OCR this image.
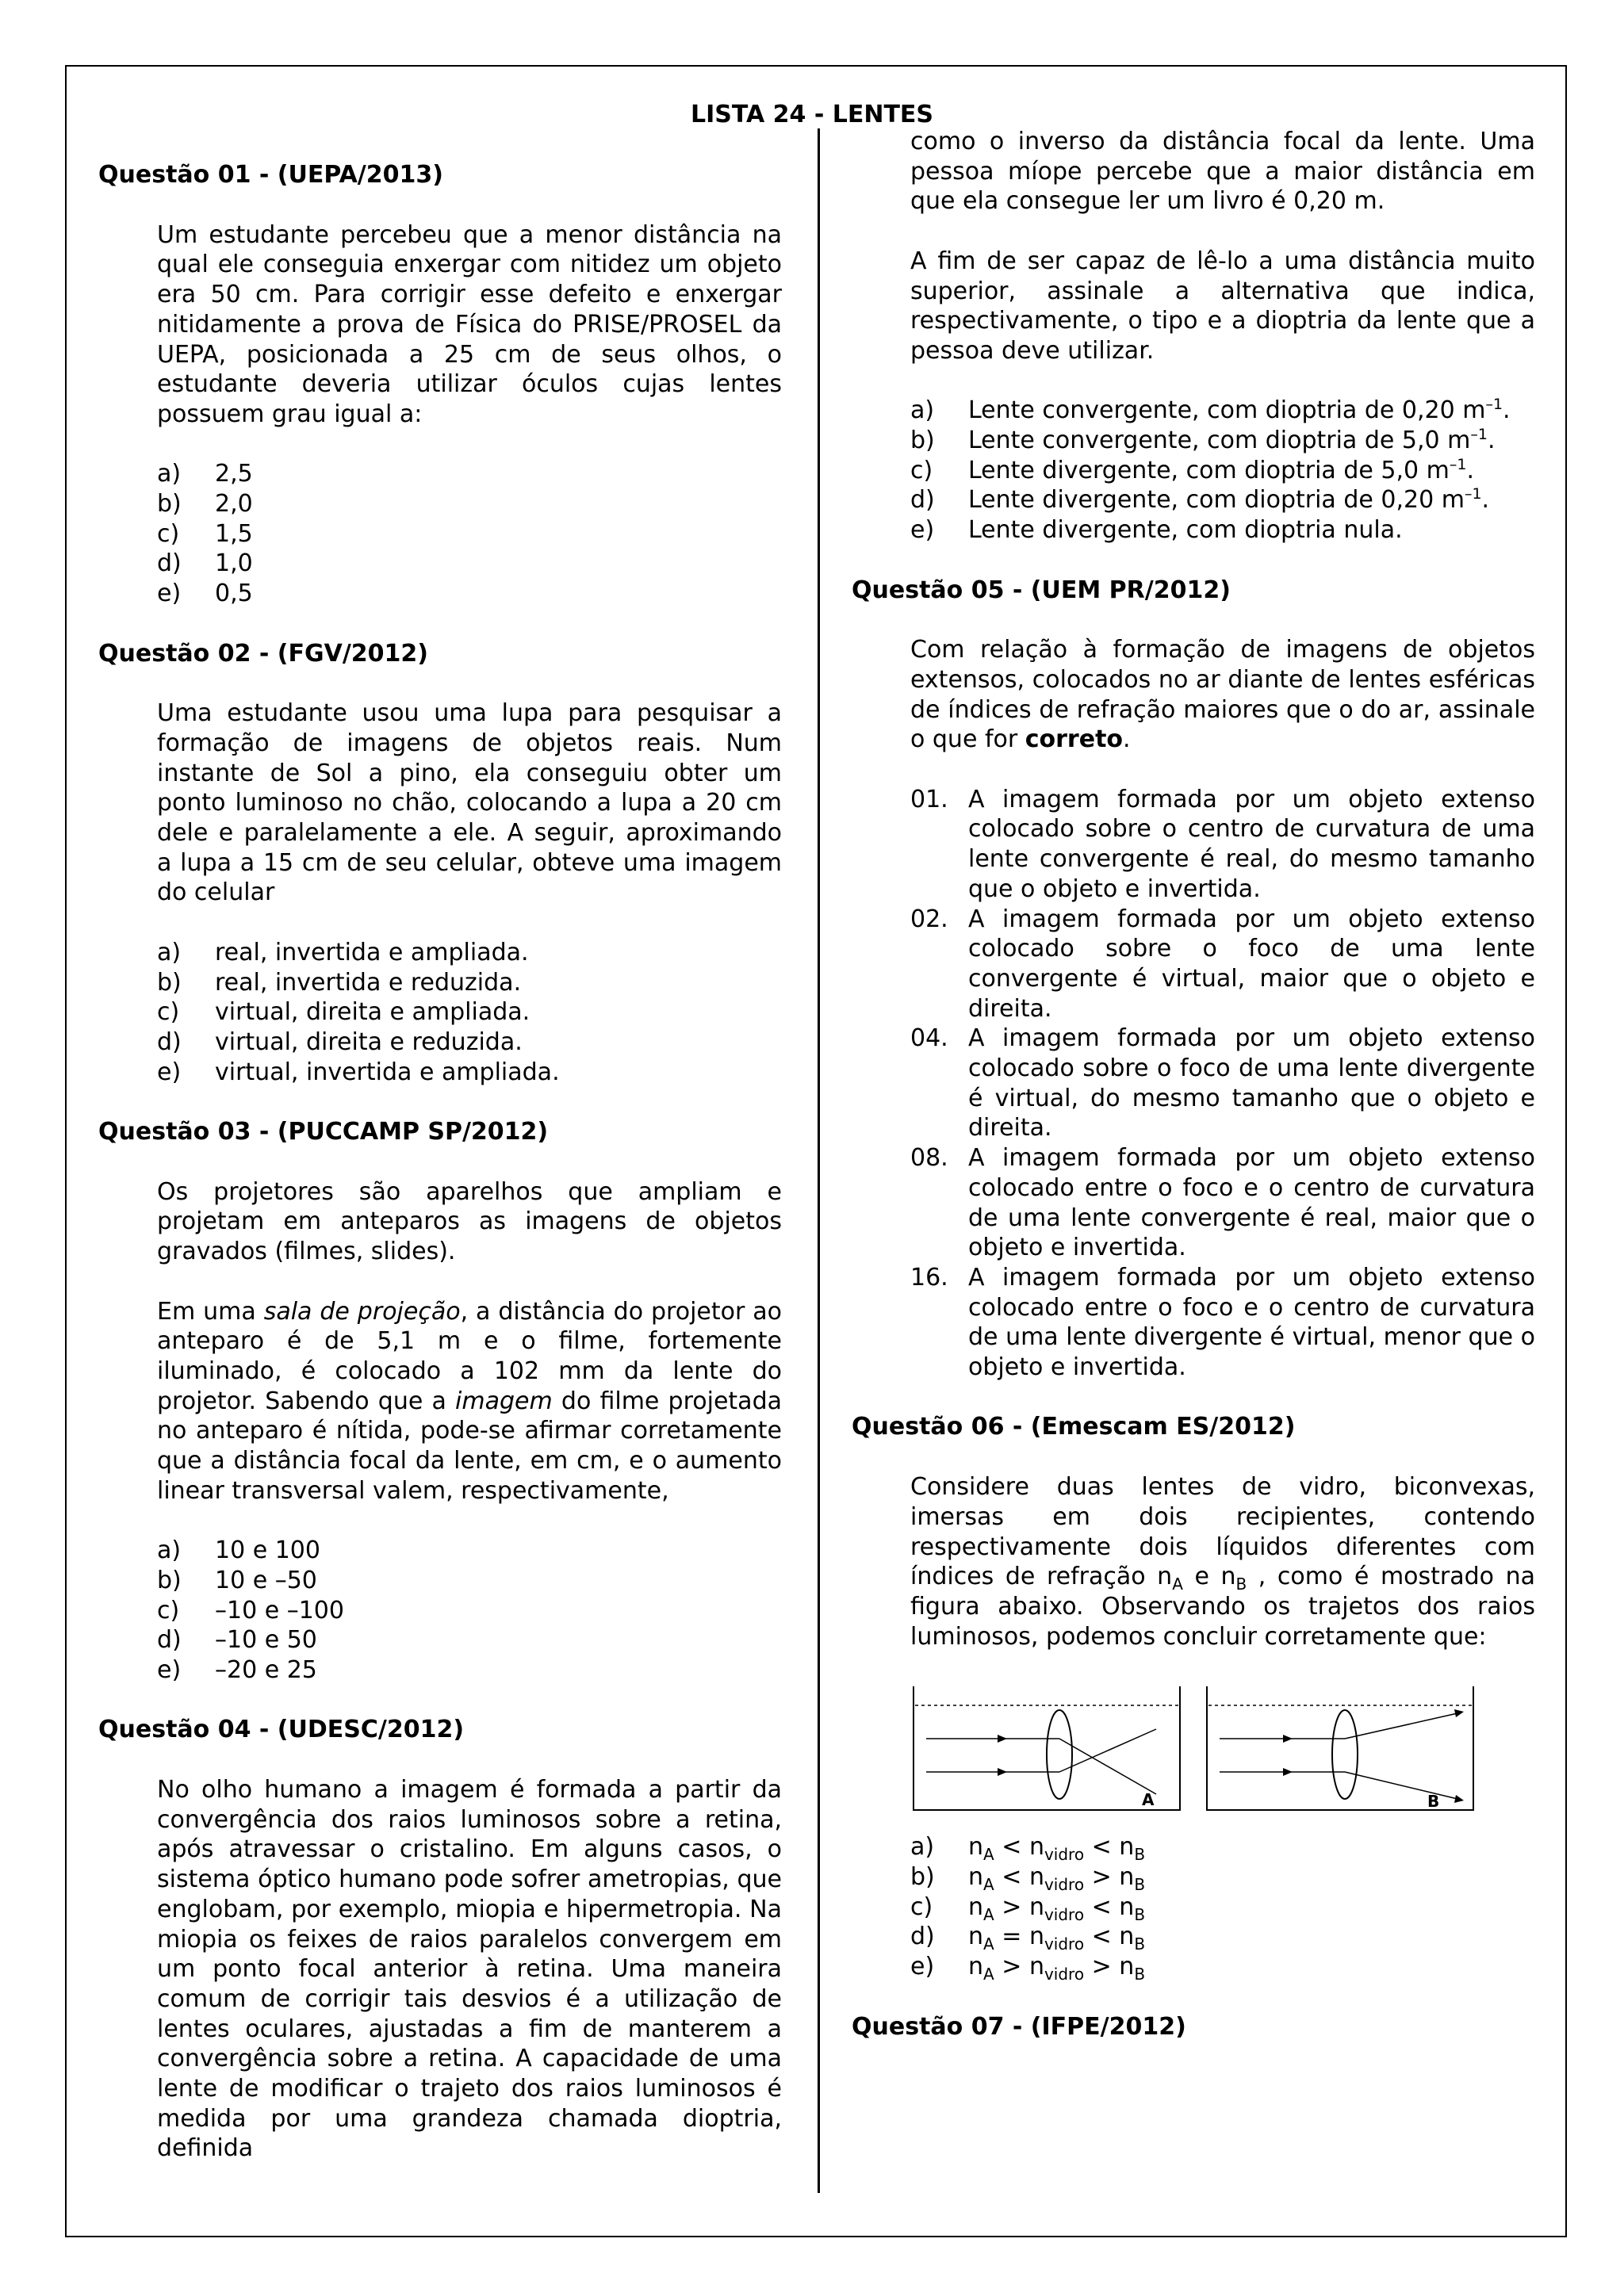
LISTA 24 - LENTES

Questão 01 - (UEPA/2013)

Um estudante percebeu que a menor distância na qual ele conseguia enxergar com nitidez um objeto era 50 cm. Para corrigir esse defeito e enxergar nitidamente a prova de Física do PRISE/PROSEL da UEPA, posicionada a 25 cm de seus olhos, o estudante deveria utilizar óculos cujas lentes possuem grau igual a:

a)	2,5
b)	2,0
c)	1,5
d)	1,0
e)	0,5

Questão 02 - (FGV/2012)

Uma estudante usou uma lupa para pesquisar a formação de imagens de objetos reais. Num instante de Sol a pino, ela conseguiu obter um ponto luminoso no chão, colocando a lupa a 20 cm dele e paralelamente a ele. A seguir, aproximando a lupa a 15 cm de seu celular, obteve uma imagem do celular

a)	real, invertida e ampliada.
b)	real, invertida e reduzida.
c)	virtual, direita e ampliada.
d)	virtual, direita e reduzida.
e)	virtual, invertida e ampliada.

Questão 03 - (PUCCAMP SP/2012)

Os projetores são aparelhos que ampliam e projetam em anteparos as imagens de objetos gravados (filmes, slides).

Em uma sala de projeção, a distância do projetor ao anteparo é de 5,1 m e o filme, fortemente iluminado, é colocado a 102 mm da lente do projetor. Sabendo que a imagem do filme projetada no anteparo é nítida, pode-se afirmar corretamente que a distância focal da lente, em cm, e o aumento linear transversal valem, respectivamente,

a)	10 e 100
b)	10 e –50
c)	–10 e –100
d)	–10 e 50
e)	–20 e 25

Questão 04 - (UDESC/2012)

No olho humano a imagem é formada a partir da convergência dos raios luminosos sobre a retina, após atravessar o cristalino. Em alguns casos, o sistema óptico humano pode sofrer ametropias, que englobam, por exemplo, miopia e hipermetropia. Na miopia os feixes de raios paralelos convergem em um ponto focal anterior à retina. Uma maneira comum de corrigir tais desvios é a utilização de lentes oculares, ajustadas a fim de manterem a convergência sobre a retina. A capacidade de uma lente de modificar o trajeto dos raios luminosos é medida por uma grandeza chamada dioptria, definida

como o inverso da distância focal da lente. Uma pessoa míope percebe que a maior distância em que ela consegue ler um livro é 0,20 m.

A fim de ser capaz de lê-lo a uma distância muito superior, assinale a alternativa que indica, respectivamente, o tipo e a dioptria da lente que a pessoa deve utilizar.

a)	Lente convergente, com dioptria de 0,20 $m^{-1}$.
b)	Lente convergente, com dioptria de 5,0 $m^{-1}$.
c)	Lente divergente, com dioptria de 5,0 $m^{-1}$.
d)	Lente divergente, com dioptria de 0,20 $m^{-1}$.
e)	Lente divergente, com dioptria nula.

Questão 05 - (UEM PR/2012)

Com relação à formação de imagens de objetos extensos, colocados no ar diante de lentes esféricas de índices de refração maiores que o do ar, assinale o que for correto.

01. A imagem formada por um objeto extenso colocado sobre o centro de curvatura de uma lente convergente é real, do mesmo tamanho que o objeto e invertida.
02. A imagem formada por um objeto extenso colocado sobre o foco de uma lente convergente é virtual, maior que o objeto e direita.
04. A imagem formada por um objeto extenso colocado sobre o foco de uma lente divergente é virtual, do mesmo tamanho que o objeto e direita.
08. A imagem formada por um objeto extenso colocado entre o foco e o centro de curvatura de uma lente convergente é real, maior que o objeto e invertida.
16. A imagem formada por um objeto extenso colocado entre o foco e o centro de curvatura de uma lente divergente é virtual, menor que o objeto e invertida.

Questão 06 - (Emescam ES/2012)

Considere duas lentes de vidro, biconvexas, imersas em dois recipientes, contendo respectivamente dois líquidos diferentes com índices de refração $n_A$ e $n_B$ , como é mostrado na figura abaixo. Observando os trajetos dos raios luminosos, podemos concluir corretamente que:

A	B
a)	$n_A < n_{vidro} < n_B$
b)	$n_A < n_{vidro} > n_B$
c)	$n_A > n_{vidro} < n_B$
d)	$n_A = n_{vidro} < n_B$
e)	$n_A > n_{vidro} > n_B$

Questão 07 - (IFPE/2012)
